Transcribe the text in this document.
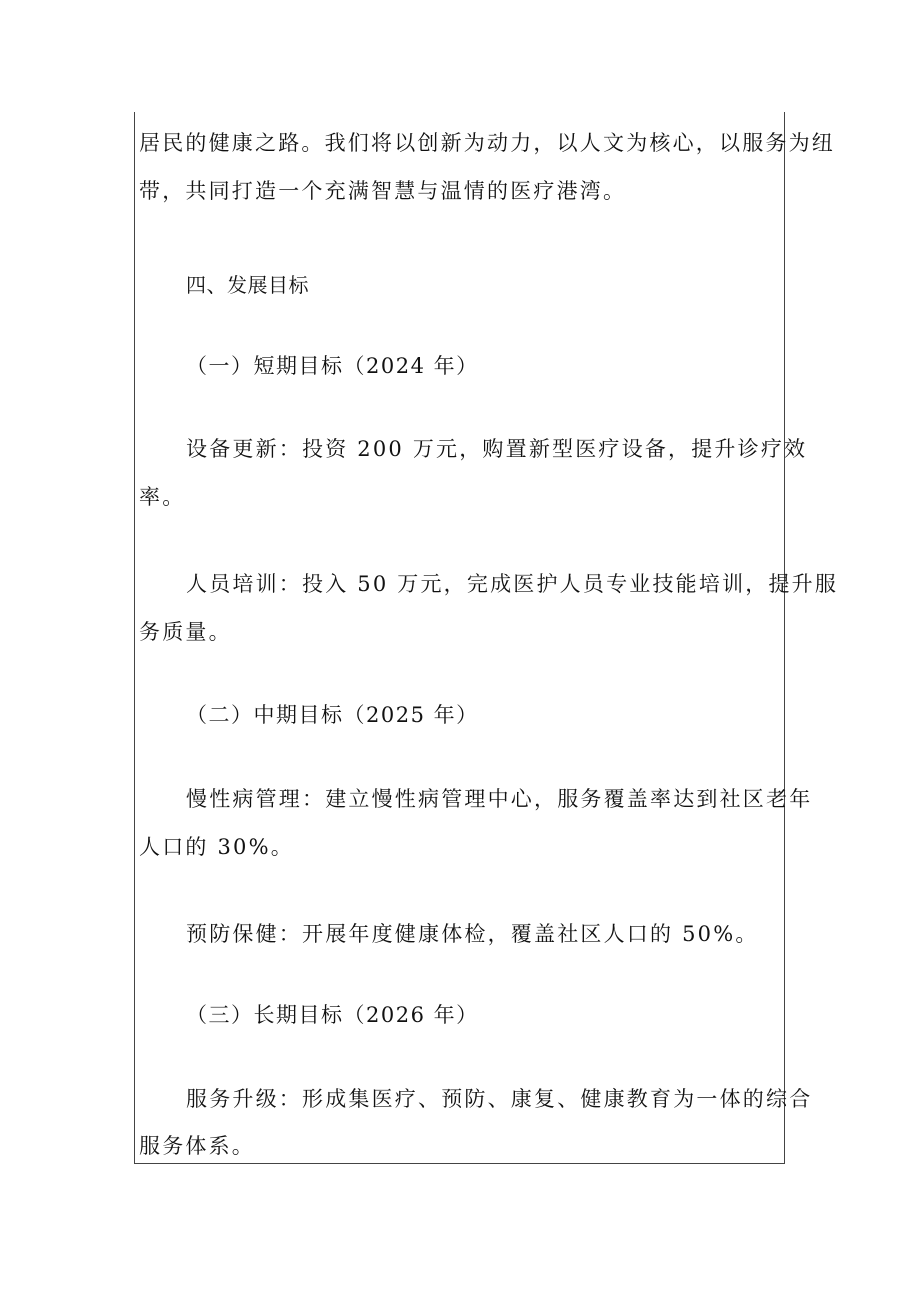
居民的健康之路。我们将以创新为动力，以人文为核心，以服务为纽
带，共同打造一个充满智慧与温情的医疗港湾。
四、发展目标
（一）短期目标（2024 年）
设备更新：投资 200 万元，购置新型医疗设备，提升诊疗效
率。
人员培训：投入 50 万元，完成医护人员专业技能培训，提升服
务质量。
（二）中期目标（2025 年）
慢性病管理：建立慢性病管理中心，服务覆盖率达到社区老年
人口的 30%。
预防保健：开展年度健康体检，覆盖社区人口的 50%。
（三）长期目标（2026 年）
服务升级：形成集医疗、预防、康复、健康教育为一体的综合
服务体系。
